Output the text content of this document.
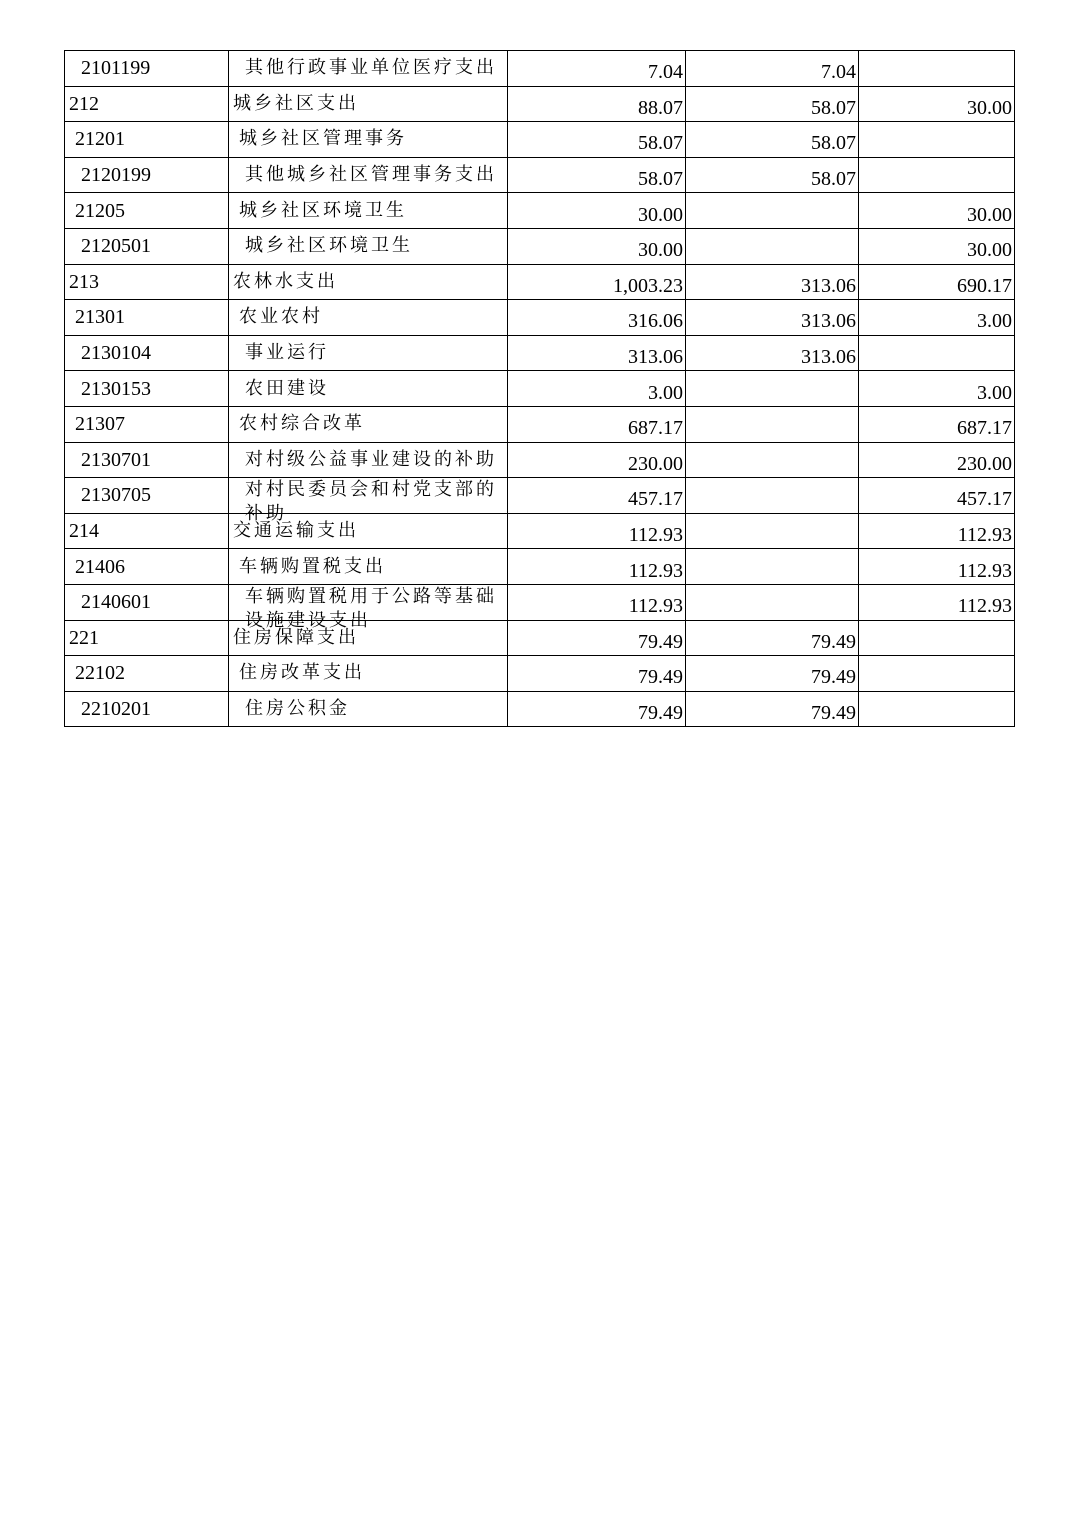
2101199	其他行政事业单位医疗支出	7.04	7.04	
212	城乡社区支出	88.07	58.07	30.00
21201	城乡社区管理事务	58.07	58.07	
2120199	其他城乡社区管理事务支出	58.07	58.07	
21205	城乡社区环境卫生	30.00		30.00
2120501	城乡社区环境卫生	30.00		30.00
213	农林水支出	1,003.23	313.06	690.17
21301	农业农村	316.06	313.06	3.00
2130104	事业运行	313.06	313.06	
2130153	农田建设	3.00		3.00
21307	农村综合改革	687.17		687.17
2130701	对村级公益事业建设的补助	230.00		230.00
2130705	对村民委员会和村党支部的补助	457.17		457.17
214	交通运输支出	112.93		112.93
21406	车辆购置税支出	112.93		112.93
2140601	车辆购置税用于公路等基础设施建设支出	112.93		112.93
221	住房保障支出	79.49	79.49	
22102	住房改革支出	79.49	79.49	
2210201	住房公积金	79.49	79.49	
